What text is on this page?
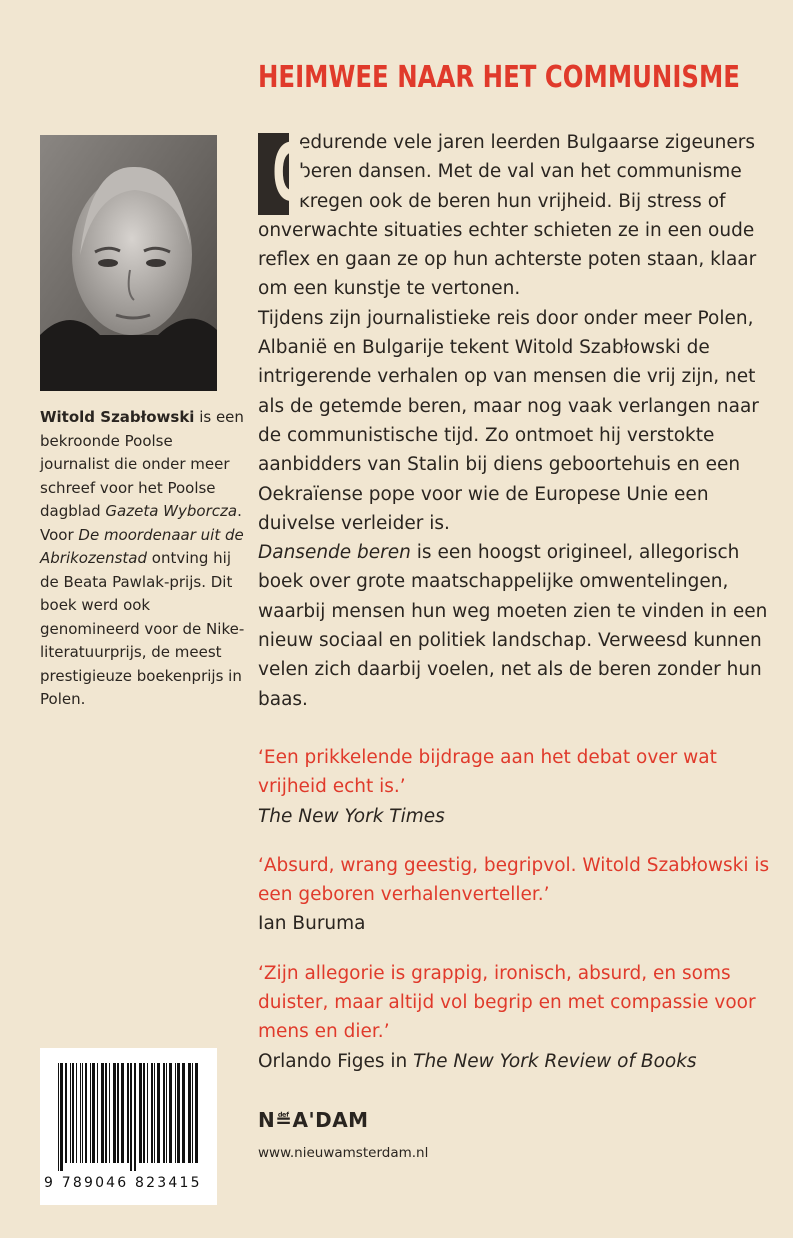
HEIMWEE NAAR HET COMMUNISME
Witold Szabłowski is een bekroonde Poolse journalist die onder meer schreef voor het Poolse dagblad Gazeta Wyborcza. Voor De moordenaar uit de Abrikozenstad ontving hij de Beata Pawlak-prijs. Dit boek werd ook genomineerd voor de Nike-literatuurprijs, de meest prestigieuze boekenprijs in Polen.
G

edurende vele jaren leerden Bulgaarse zigeuners beren dansen. Met de val van het communisme kregen ook de beren hun vrijheid. Bij stress of onverwachte situaties echter schieten ze in een oude reflex en gaan ze op hun achterste poten staan, klaar om een kunstje te vertonen.

Tijdens zijn journalistieke reis door onder meer Polen, Albanië en Bulgarije tekent Witold Szabłowski de intrigerende verhalen op van mensen die vrij zijn, net als de getemde beren, maar nog vaak verlangen naar de communistische tijd. Zo ontmoet hij verstokte aanbidders van Stalin bij diens geboortehuis en een Oekraïense pope voor wie de Europese Unie een duivelse verleider is.

Dansende beren is een hoogst origineel, allegorisch boek over grote maatschappelijke omwentelingen, waarbij mensen hun weg moeten zien te vinden in een nieuw sociaal en politiek landschap. Verweesd kunnen velen zich daarbij voelen, net als de beren zonder hun baas.

‘Een prikkelende bijdrage aan het debat over wat vrijheid echt is.’
The New York Times
‘Absurd, wrang geestig, begripvol. Witold Szabłowski is een geboren verhalenverteller.’
Ian Buruma
‘Zijn allegorie is grappig, ironisch, absurd, en soms duister, maar altijd vol begrip en met compassie voor mens en dier.’
Orlando Figes in The New York Review of Books
9 789046 823415
N≝A'DAM
www.nieuwamsterdam.nl
